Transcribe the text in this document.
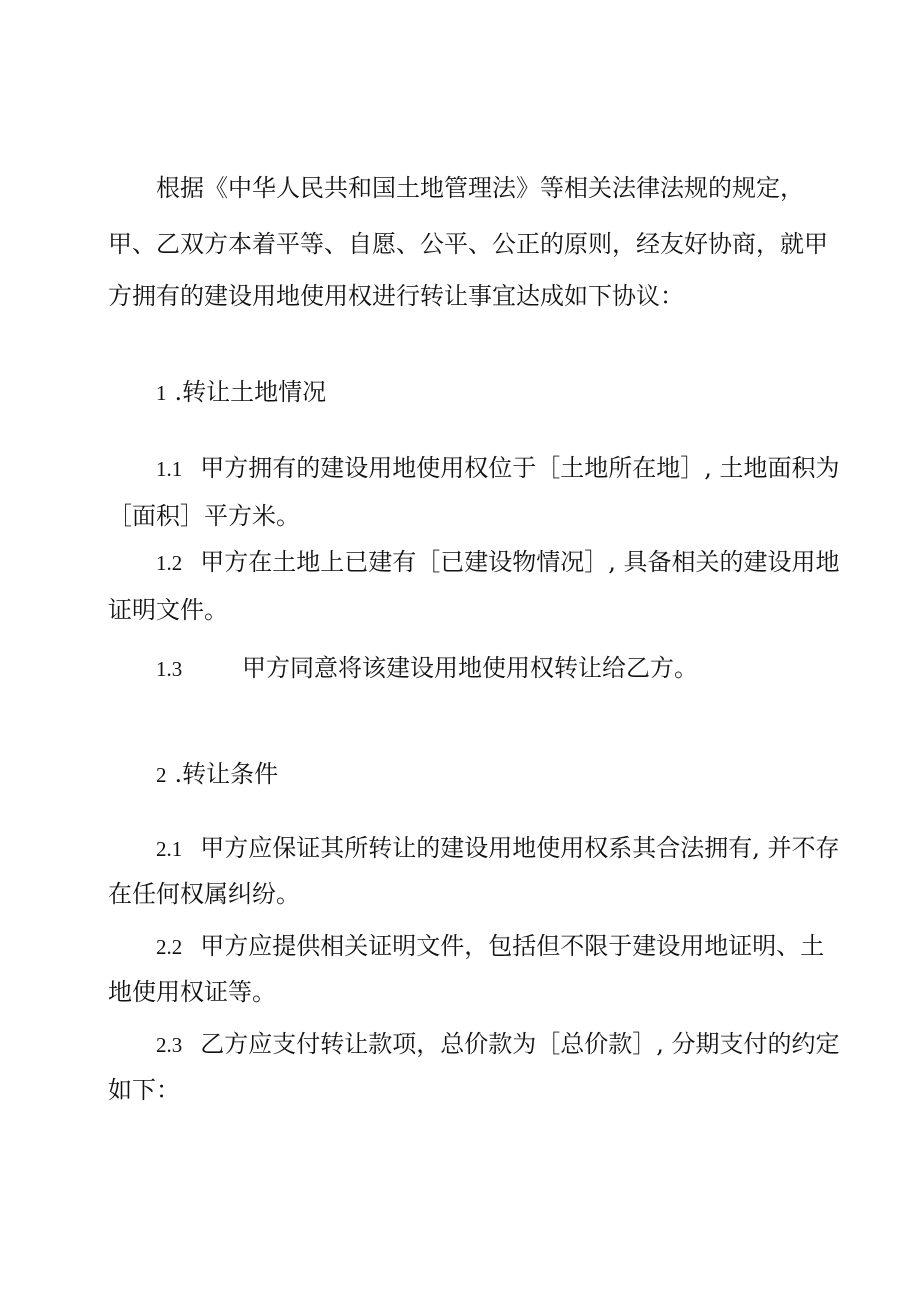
根据《中华人民共和国土地管理法》等相关法律法规的规定，

甲、乙双方本着平等、自愿、公平、公正的原则，经友好协商，就甲

方拥有的建设用地使用权进行转让事宜达成如下协议：

1 .转让土地情况

1.1 甲方拥有的建设用地使用权位于［土地所在地］, 土地面积为

［面积］平方米。

1.2 甲方在土地上已建有［已建设物情况］, 具备相关的建设用地

证明文件。

1.3 甲方同意将该建设用地使用权转让给乙方。

2 .转让条件

2.1 甲方应保证其所转让的建设用地使用权系其合法拥有, 并不存

在任何权属纠纷。

2.2 甲方应提供相关证明文件，包括但不限于建设用地证明、土

地使用权证等。

2.3 乙方应支付转让款项，总价款为［总价款］, 分期支付的约定

如下：
